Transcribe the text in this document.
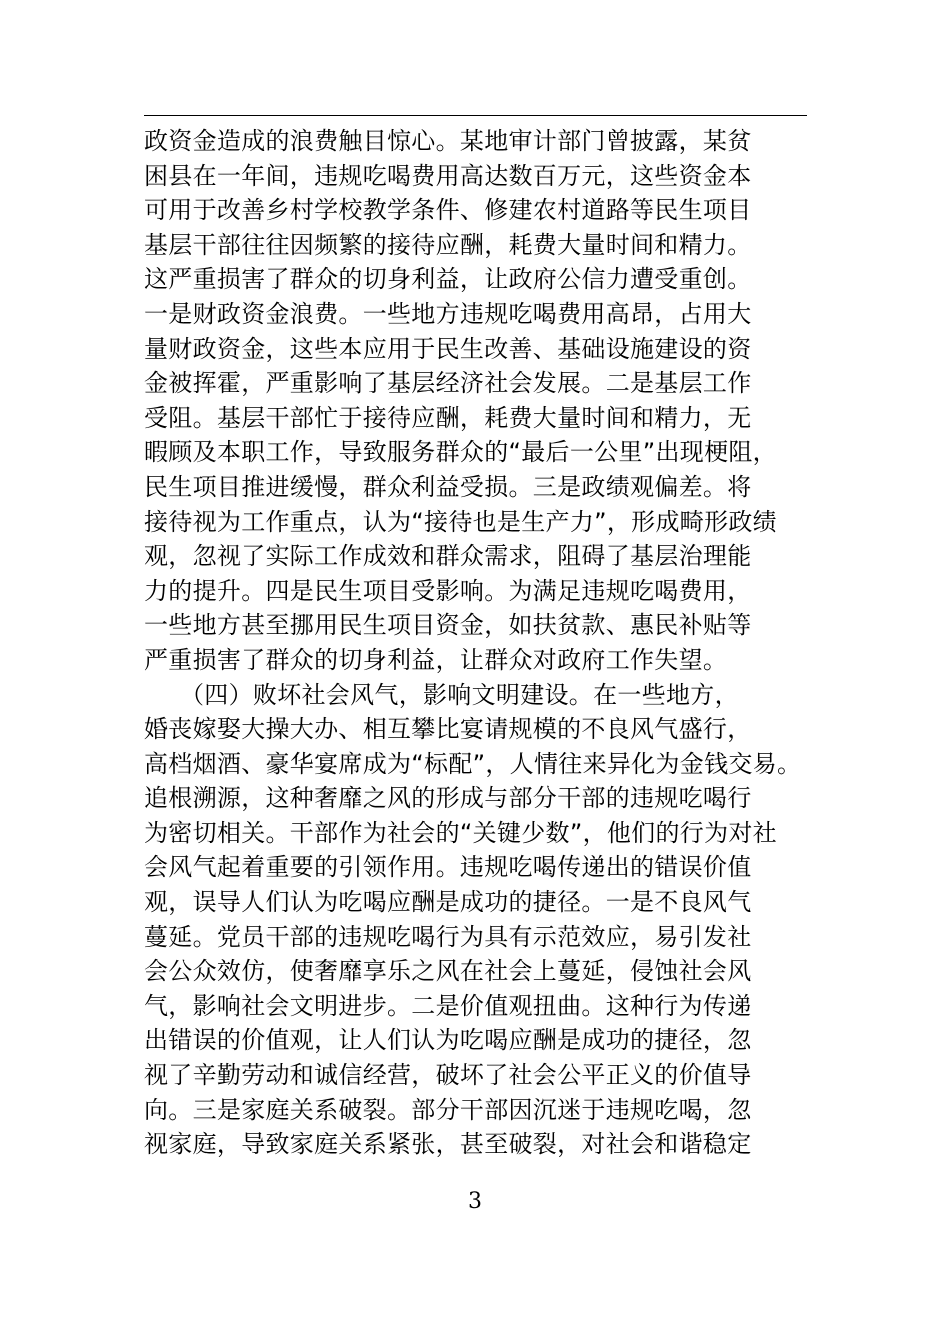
政资金造成的浪费触目惊心。某地审计部门曾披露，某贫
困县在一年间，违规吃喝费用高达数百万元，这些资金本
可用于改善乡村学校教学条件、修建农村道路等民生项目
基层干部往往因频繁的接待应酬，耗费大量时间和精力。
这严重损害了群众的切身利益，让政府公信力遭受重创。
一是财政资金浪费。一些地方违规吃喝费用高昂，占用大
量财政资金，这些本应用于民生改善、基础设施建设的资
金被挥霍，严重影响了基层经济社会发展。二是基层工作
受阻。基层干部忙于接待应酬，耗费大量时间和精力，无
暇顾及本职工作，导致服务群众的“最后一公里”出现梗阻，
民生项目推进缓慢，群众利益受损。三是政绩观偏差。将
接待视为工作重点，认为“接待也是生产力”，形成畸形政绩
观，忽视了实际工作成效和群众需求，阻碍了基层治理能
力的提升。四是民生项目受影响。为满足违规吃喝费用，
一些地方甚至挪用民生项目资金，如扶贫款、惠民补贴等
严重损害了群众的切身利益，让群众对政府工作失望。
（四）败坏社会风气，影响文明建设。在一些地方，
婚丧嫁娶大操大办、相互攀比宴请规模的不良风气盛行，
高档烟酒、豪华宴席成为“标配”，人情往来异化为金钱交易。
追根溯源，这种奢靡之风的形成与部分干部的违规吃喝行
为密切相关。干部作为社会的“关键少数”，他们的行为对社
会风气起着重要的引领作用。违规吃喝传递出的错误价值
观，误导人们认为吃喝应酬是成功的捷径。一是不良风气
蔓延。党员干部的违规吃喝行为具有示范效应，易引发社
会公众效仿，使奢靡享乐之风在社会上蔓延，侵蚀社会风
气，影响社会文明进步。二是价值观扭曲。这种行为传递
出错误的价值观，让人们认为吃喝应酬是成功的捷径，忽
视了辛勤劳动和诚信经营，破坏了社会公平正义的价值导
向。三是家庭关系破裂。部分干部因沉迷于违规吃喝，忽
视家庭，导致家庭关系紧张，甚至破裂，对社会和谐稳定
3
